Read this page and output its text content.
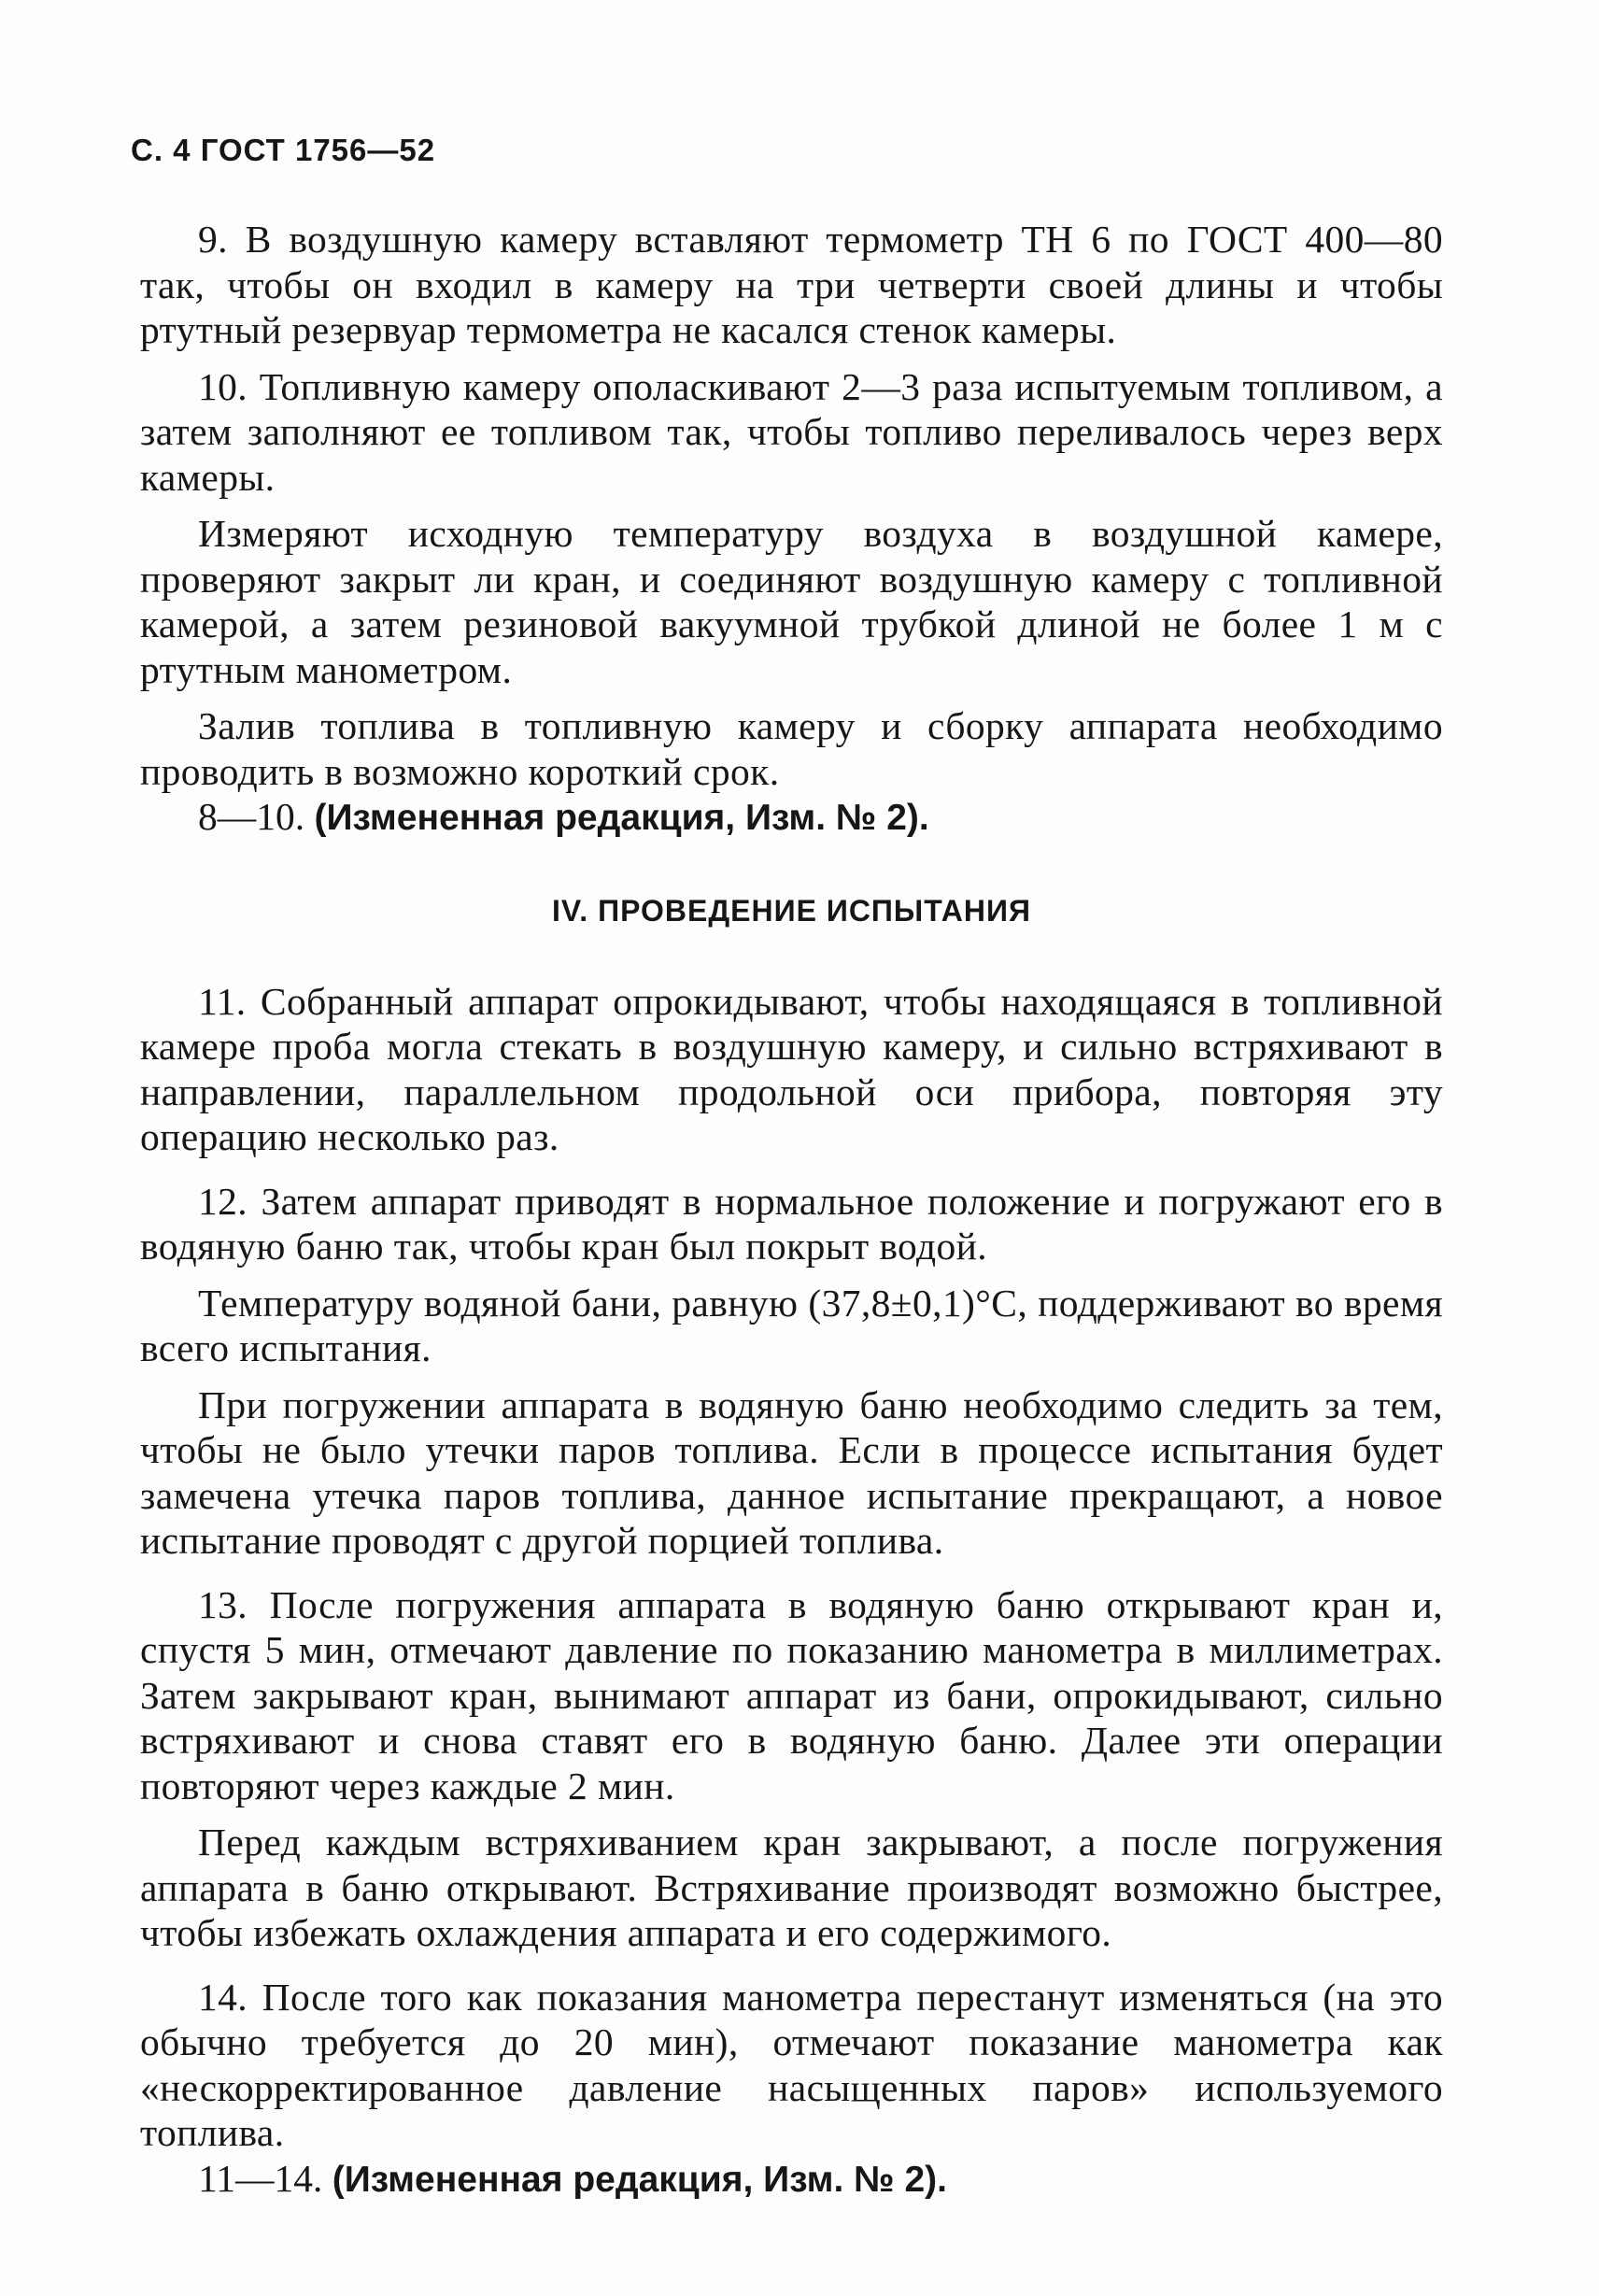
С. 4 ГОСТ 1756—52

9. В воздушную камеру вставляют термометр ТН 6 по ГОСТ 400—80 так, чтобы он входил в камеру на три четверти своей длины и чтобы ртутный резервуар термометра не касался стенок камеры.

10. Топливную камеру ополаскивают 2—3 раза испытуемым топливом, а затем заполняют ее топливом так, чтобы топливо переливалось через верх камеры.

Измеряют исходную температуру воздуха в воздушной камере, проверяют закрыт ли кран, и соединяют воздушную камеру с топливной камерой, а затем резиновой вакуумной трубкой длиной не более 1 м с ртутным манометром.

Залив топлива в топливную камеру и сборку аппарата необходимо проводить в возможно короткий срок.

8—10. (Измененная редакция, Изм. № 2).

IV. ПРОВЕДЕНИЕ ИСПЫТАНИЯ

11. Собранный аппарат опрокидывают, чтобы находящаяся в топливной камере проба могла стекать в воздушную камеру, и сильно встряхивают в направлении, параллельном продольной оси прибора, повторяя эту операцию несколько раз.

12. Затем аппарат приводят в нормальное положение и погружают его в водяную баню так, чтобы кран был покрыт водой.

Температуру водяной бани, равную (37,8±0,1)°С, поддерживают во время всего испытания.

При погружении аппарата в водяную баню необходимо следить за тем, чтобы не было утечки паров топлива. Если в процессе испытания будет замечена утечка паров топлива, данное испытание прекращают, а новое испытание проводят с другой порцией топлива.

13. После погружения аппарата в водяную баню открывают кран и, спустя 5 мин, отмечают давление по показанию манометра в миллиметрах. Затем закрывают кран, вынимают аппарат из бани, опрокидывают, сильно встряхивают и снова ставят его в водяную баню. Далее эти операции повторяют через каждые 2 мин.

Перед каждым встряхиванием кран закрывают, а после погружения аппарата в баню открывают. Встряхивание производят возможно быстрее, чтобы избежать охлаждения аппарата и его содержимого.

14. После того как показания манометра перестанут изменяться (на это обычно требуется до 20 мин), отмечают показание манометра как «нескорректированное давление насыщенных паров» используемого топлива.

11—14. (Измененная редакция, Изм. № 2).
